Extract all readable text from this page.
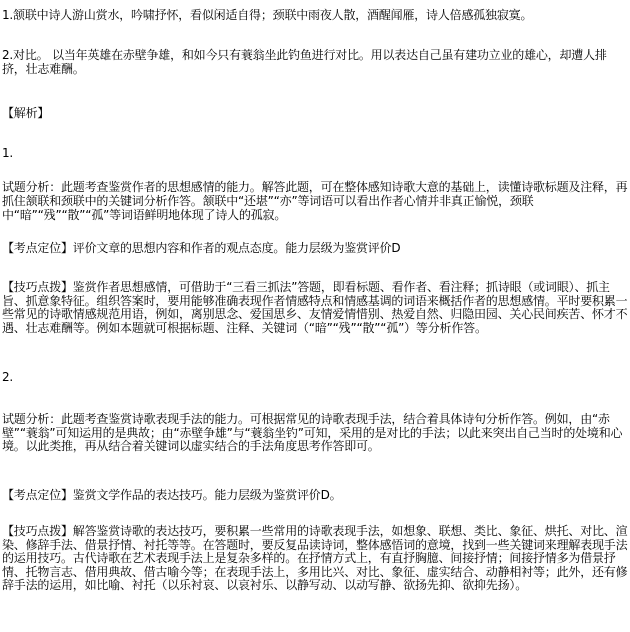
1.颔联中诗人游山赏水，吟啸抒怀，看似闲适自得；颈联中雨夜人散，酒醒闻雁，诗人倍感孤独寂寞。

2.对比。 以当年英雄在赤壁争雄，和如今只有蓑翁坐此钓鱼进行对比。用以表达自己虽有建功立业的雄心，却遭人排挤，壮志难酬。

【解析】

1.

试题分析：此题考查鉴赏作者的思想感情的能力。解答此题，可在整体感知诗歌大意的基础上，读懂诗歌标题及注释，再抓住颔联和颈联中的关键词分析作答。颔联中“还堪”“亦”等词语可以看出作者心情并非真正愉悦，颈联中“暗”“残”“散”“孤”等词语鲜明地体现了诗人的孤寂。

【考点定位】评价文章的思想内容和作者的观点态度。能力层级为鉴赏评价D

【技巧点拨】鉴赏作者思想感情，可借助于“三看三抓法”答题，即看标题、看作者、看注释；抓诗眼（或词眼）、抓主旨、抓意象特征。组织答案时，要用能够准确表现作者情感特点和情感基调的词语来概括作者的思想感情。平时要积累一些常见的诗歌情感规范用语，例如，离别思念、爱国思乡、友情爱情惜别、热爱自然、归隐田园、关心民间疾苦、怀才不遇、壮志难酬等。例如本题就可根据标题、注释、关键词（“暗”“残”“散”“孤”）等分析作答。

2.

试题分析：此题考查鉴赏诗歌表现手法的能力。可根据常见的诗歌表现手法，结合着具体诗句分析作答。例如，由“赤壁”“蓑翁”可知运用的是典故；由“赤壁争雄”与“蓑翁坐钓”可知，采用的是对比的手法；以此来突出自己当时的处境和心境。以此类推，再从结合着关键词以虚实结合的手法角度思考作答即可。

【考点定位】鉴赏文学作品的表达技巧。能力层级为鉴赏评价D。

【技巧点拨】解答鉴赏诗歌的表达技巧，要积累一些常用的诗歌表现手法，如想象、联想、类比、象征、烘托、对比、渲染、修辞手法、借景抒情、衬托等等。在答题时，要反复品读诗词，整体感悟词的意境，找到一些关键词来理解表现手法的运用技巧。古代诗歌在艺术表现手法上是复杂多样的。在抒情方式上，有直抒胸臆、间接抒情；间接抒情多为借景抒情、托物言志、借用典故、借古喻今等；在表现手法上，多用比兴、对比、象征、虚实结合、动静相衬等；此外，还有修辞手法的运用，如比喻、衬托（以乐衬哀、以哀衬乐、以静写动、以动写静、欲扬先抑、欲抑先扬）。
